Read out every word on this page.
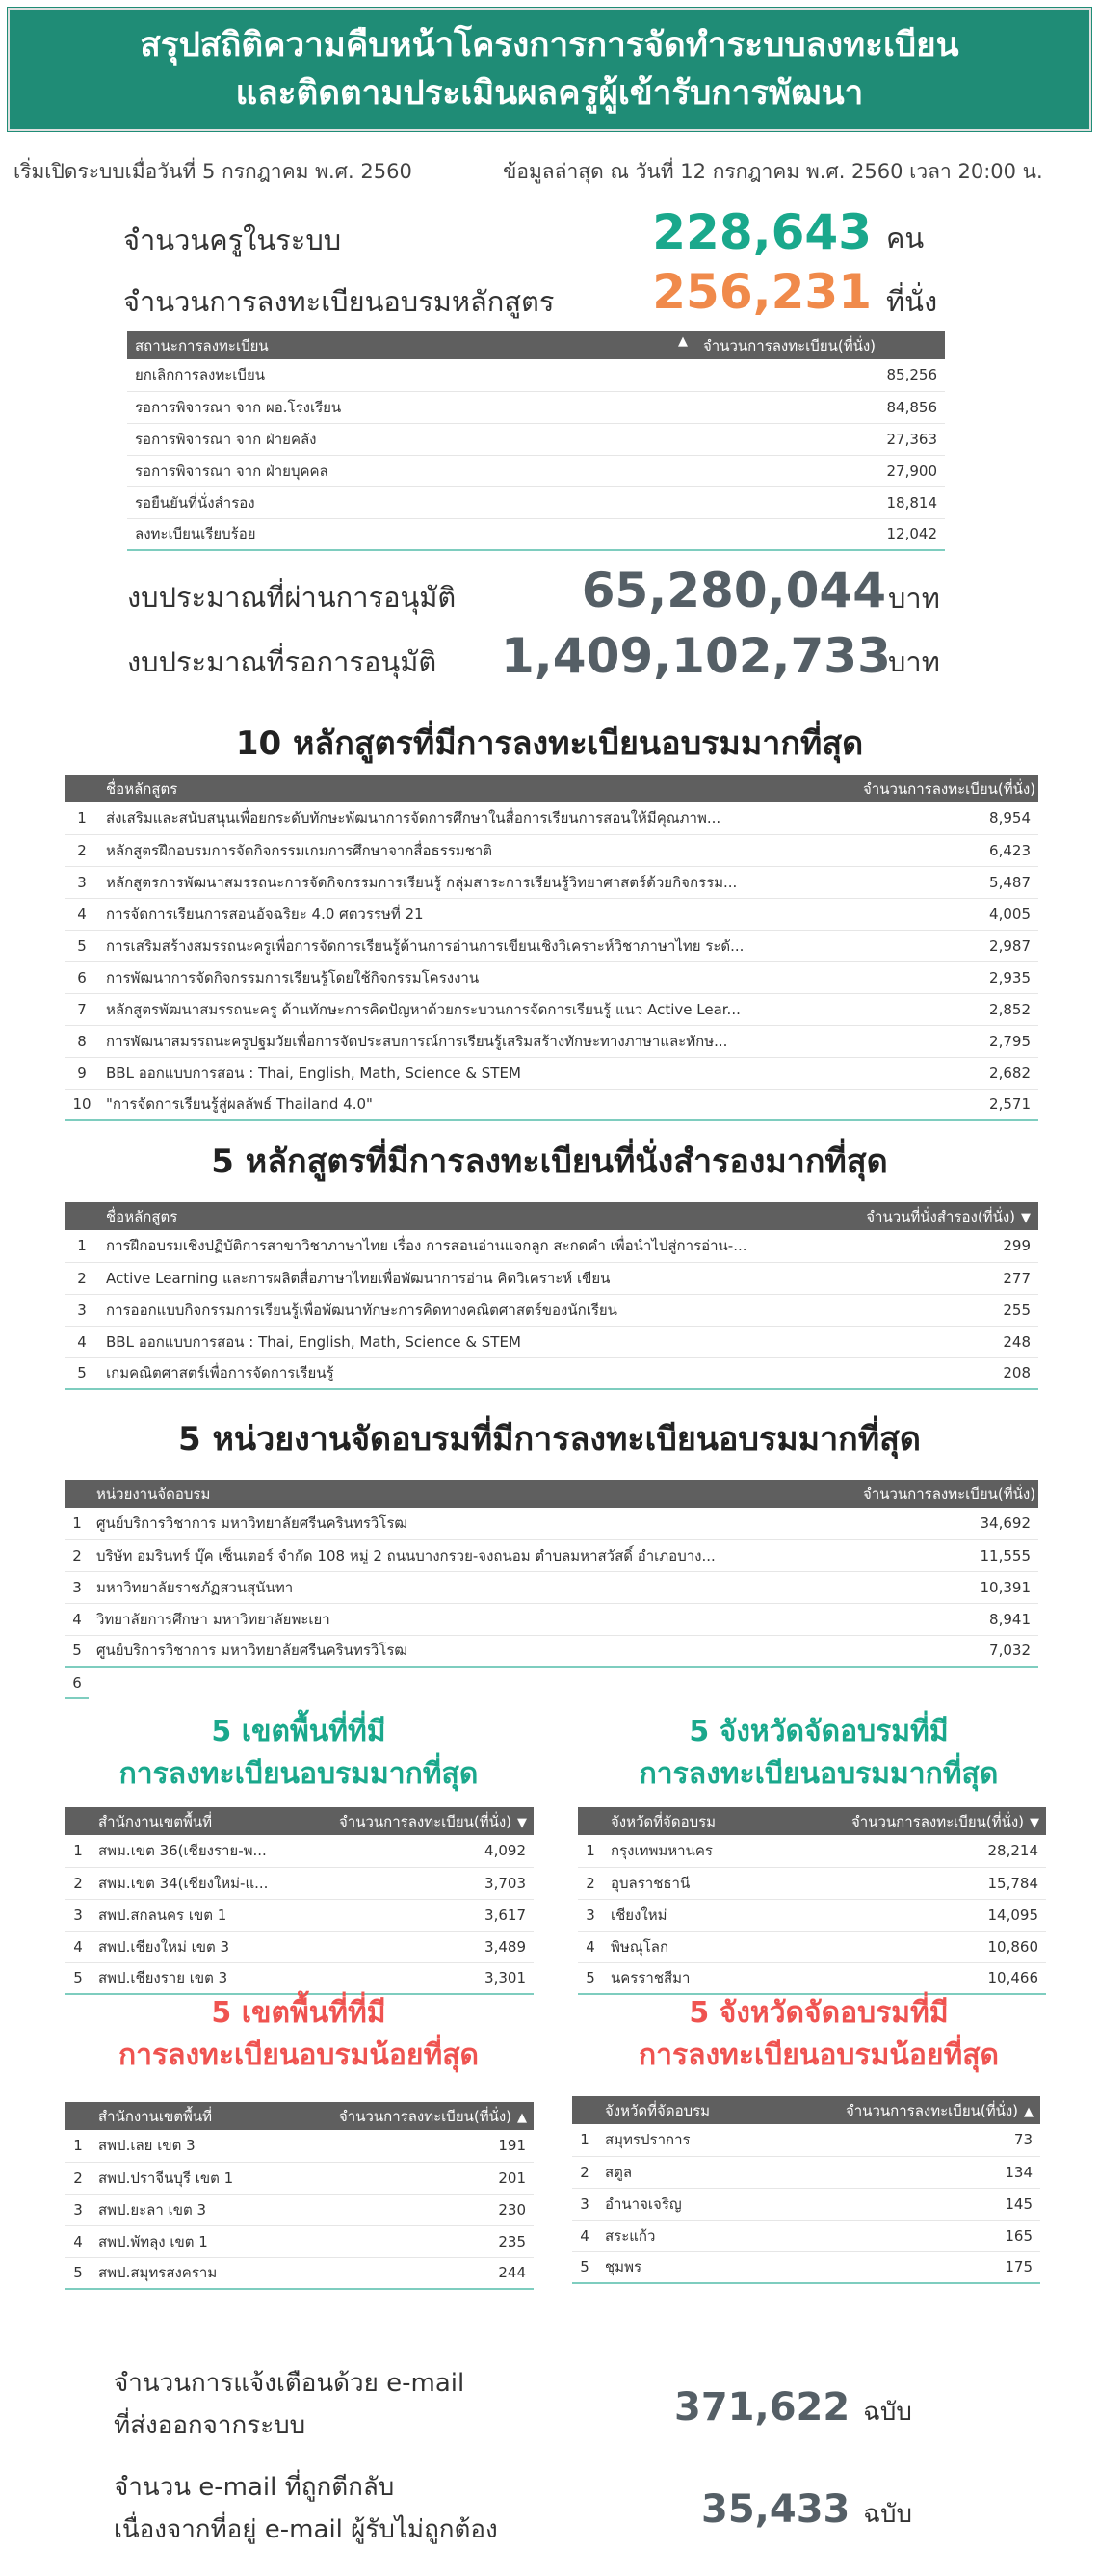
สรุปสถิติความคืบหน้าโครงการการจัดทำระบบลงทะเบียน
และติดตามประเมินผลครูผู้เข้ารับการพัฒนา
เริ่มเปิดระบบเมื่อวันที่ 5 กรกฎาคม พ.ศ. 2560	ข้อมูลล่าสุด ณ วันที่ 12 กรกฎาคม พ.ศ. 2560 เวลา 20:00 น.
จำนวนครูในระบบ	228,643 คน
จำนวนการลงทะเบียนอบรมหลักสูตร	256,231 ที่นั่ง
สถานะการลงทะเบียน ▲	จำนวนการลงทะเบียน(ที่นั่ง)
ยกเลิกการลงทะเบียน	85,256
รอการพิจารณา จาก ผอ.โรงเรียน	84,856
รอการพิจารณา จาก ฝ่ายคลัง	27,363
รอการพิจารณา จาก ฝ่ายบุคคล	27,900
รอยืนยันที่นั่งสำรอง	18,814
ลงทะเบียนเรียบร้อย	12,042
งบประมาณที่ผ่านการอนุมัติ	65,280,044 บาท
งบประมาณที่รอการอนุมัติ 1,409,102,733
บาท
10 หลักสูตรที่มีการลงทะเบียนอบรมมากที่สุด
	ชื่อหลักสูตร	จำนวนการลงทะเบียน(ที่นั่ง) ▼
1	ส่งเสริมและสนับสนุนเพื่อยกระดับทักษะพัฒนาการจัดการศึกษาในสื่อการเรียนการสอนให้มีคุณภาพ...	8,954
2	หลักสูตรฝึกอบรมการจัดกิจกรรมเกมการศึกษาจากสื่อธรรมชาติ	6,423
3	หลักสูตรการพัฒนาสมรรถนะการจัดกิจกรรมการเรียนรู้ กลุ่มสาระการเรียนรู้วิทยาศาสตร์ด้วยกิจกรรม...	5,487
4	การจัดการเรียนการสอนอัจฉริยะ 4.0 ศตวรรษที่ 21	4,005
5	การเสริมสร้างสมรรถนะครูเพื่อการจัดการเรียนรู้ด้านการอ่านการเขียนเชิงวิเคราะห์วิชาภาษาไทย ระดั...	2,987
6	การพัฒนาการจัดกิจกรรมการเรียนรู้โดยใช้กิจกรรมโครงงาน	2,935
7	หลักสูตรพัฒนาสมรรถนะครู ด้านทักษะการคิดปัญหาด้วยกระบวนการจัดการเรียนรู้ แนว Active Lear...	2,852
8	การพัฒนาสมรรถนะครูปฐมวัยเพื่อการจัดประสบการณ์การเรียนรู้เสริมสร้างทักษะทางภาษาและทักษ...	2,795
9	BBL ออกแบบการสอน : Thai, English, Math, Science & STEM	2,682
10	"การจัดการเรียนรู้สู่ผลลัพธ์ Thailand 4.0"	2,571
5 หลักสูตรที่มีการลงทะเบียนที่นั่งสำรองมากที่สุด
	ชื่อหลักสูตร	จำนวนที่นั่งสำรอง(ที่นั่ง) ▼
1	การฝึกอบรมเชิงปฏิบัติการสาขาวิชาภาษาไทย เรื่อง การสอนอ่านแจกลูก สะกดคำ เพื่อนำไปสู่การอ่าน-...	299
2	Active Learning และการผลิตสื่อภาษาไทยเพื่อพัฒนาการอ่าน คิดวิเคราะห์ เขียน	277
3	การออกแบบกิจกรรมการเรียนรู้เพื่อพัฒนาทักษะการคิดทางคณิตศาสตร์ของนักเรียน	255
4	BBL ออกแบบการสอน : Thai, English, Math, Science & STEM	248
5	เกมคณิตศาสตร์เพื่อการจัดการเรียนรู้	208
5 หน่วยงานจัดอบรมที่มีการลงทะเบียนอบรมมากที่สุด
	หน่วยงานจัดอบรม	จำนวนการลงทะเบียน(ที่นั่ง) ▼
1	ศูนย์บริการวิชาการ มหาวิทยาลัยศรีนครินทรวิโรฒ	34,692
2	บริษัท อมรินทร์ บุ๊ค เซ็นเตอร์ จำกัด 108 หมู่ 2 ถนนบางกรวย-จงถนอม ตำบลมหาสวัสดิ์ อำเภอบาง...	11,555
3	มหาวิทยาลัยราชภัฏสวนสุนันทา	10,391
4	วิทยาลัยการศึกษา มหาวิทยาลัยพะเยา	8,941
5	ศูนย์บริการวิชาการ มหาวิทยาลัยศรีนครินทรวิโรฒ	7,032
6		
5 เขตพื้นที่ที่มี
การลงทะเบียนอบรมมากที่สุด
	สำนักงานเขตพื้นที่	จำนวนการลงทะเบียน(ที่นั่ง) ▼
1	สพม.เขต 36(เชียงราย-พ...	4,092
2	สพม.เขต 34(เชียงใหม่-แ...	3,703
3	สพป.สกลนคร เขต 1	3,617
4	สพป.เชียงใหม่ เขต 3	3,489
5	สพป.เชียงราย เขต 3	3,301
5 จังหวัดจัดอบรมที่มี
การลงทะเบียนอบรมมากที่สุด
	จังหวัดที่จัดอบรม	จำนวนการลงทะเบียน(ที่นั่ง) ▼
1	กรุงเทพมหานคร	28,214
2	อุบลราชธานี	15,784
3	เชียงใหม่	14,095
4	พิษณุโลก	10,860
5	นครราชสีมา	10,466
5 เขตพื้นที่ที่มี
การลงทะเบียนอบรมน้อยที่สุด
	สำนักงานเขตพื้นที่	จำนวนการลงทะเบียน(ที่นั่ง) ▲
1	สพป.เลย เขต 3	191
2	สพป.ปราจีนบุรี เขต 1	201
3	สพป.ยะลา เขต 3	230
4	สพป.พัทลุง เขต 1	235
5	สพป.สมุทรสงคราม	244
5 จังหวัดจัดอบรมที่มี
การลงทะเบียนอบรมน้อยที่สุด
	จังหวัดที่จัดอบรม	จำนวนการลงทะเบียน(ที่นั่ง) ▲
1	สมุทรปราการ	73
2	สตูล	134
3	อำนาจเจริญ	145
4	สระแก้ว	165
5	ชุมพร	175
จำนวนการแจ้งเตือนด้วย e-mail
ที่ส่งออกจากระบบ	371,622 ฉบับ
จำนวน e-mail ที่ถูกตีกลับ
เนื่องจากที่อยู่ e-mail ผู้รับไม่ถูกต้อง	35,433 ฉบับ
